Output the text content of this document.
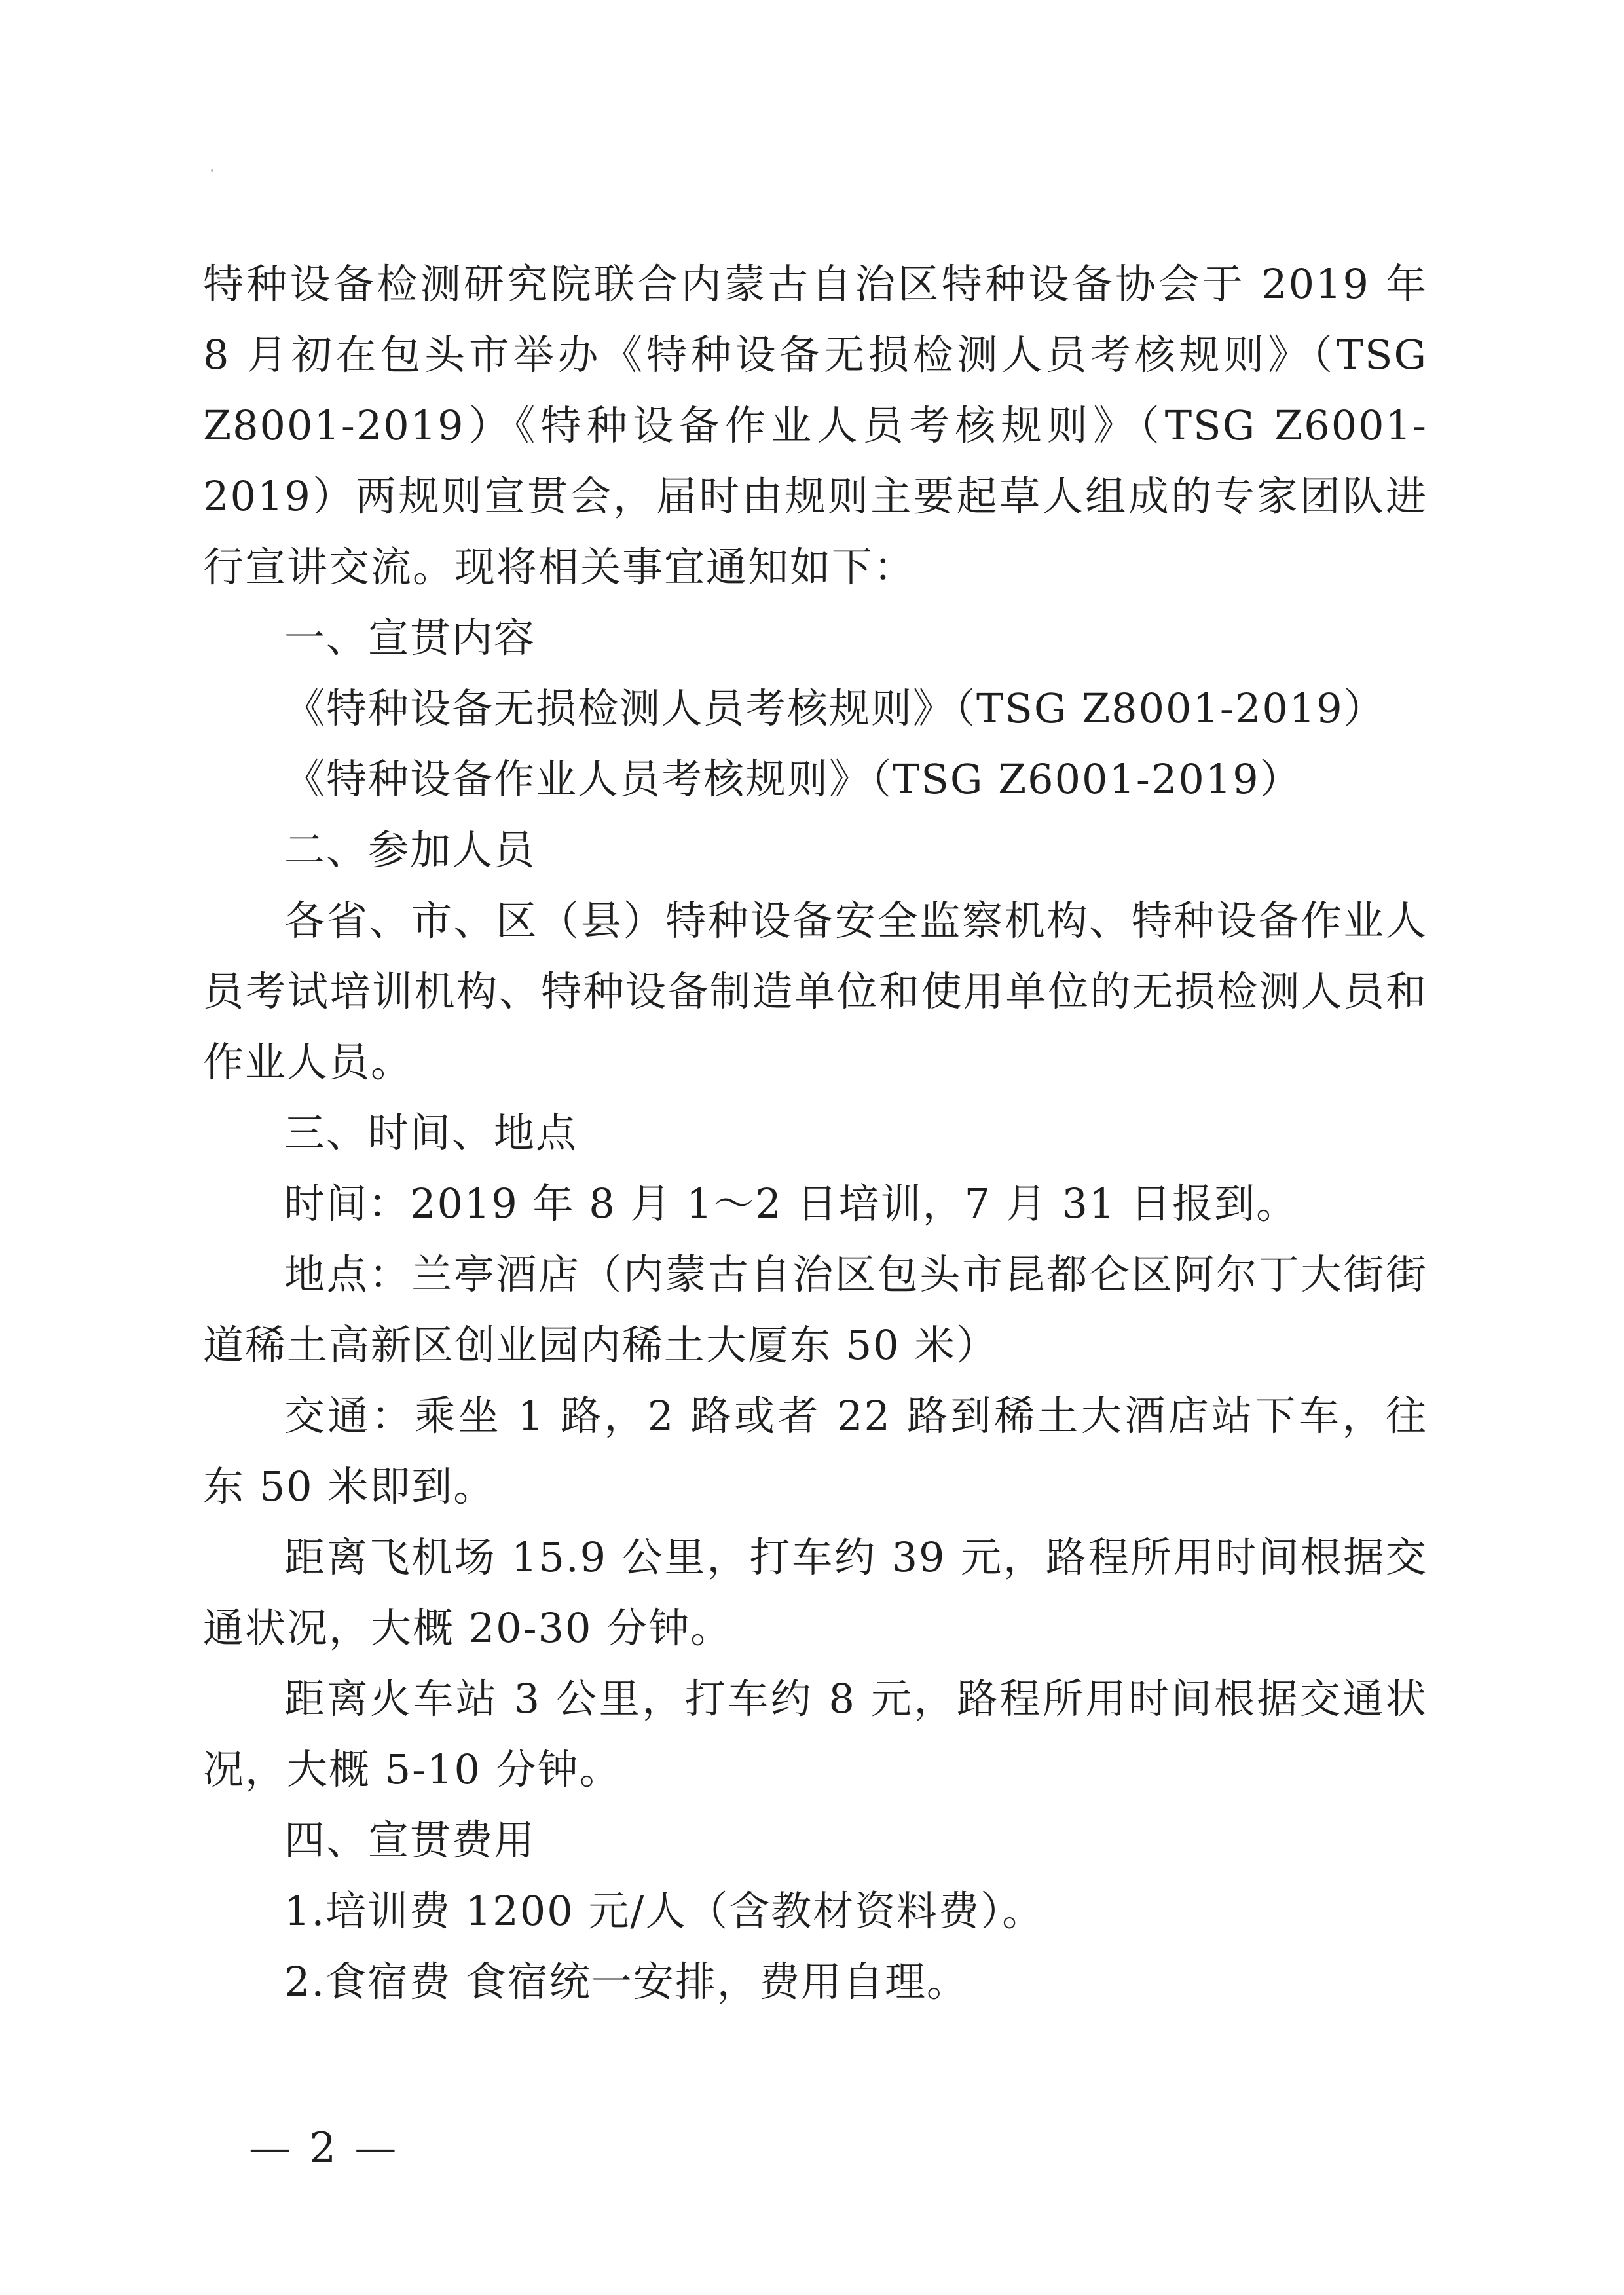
特种设备检测研究院联合内蒙古自治区特种设备协会于 2019 年 8 月初在包头市举办《特种设备无损检测人员考核规则》（TSG Z8001-2019）《特种设备作业人员考核规则》（TSG Z6001-2019）两规则宣贯会，届时由规则主要起草人组成的专家团队进行宣讲交流。现将相关事宜通知如下：

一、宣贯内容

《特种设备无损检测人员考核规则》（TSG Z8001-2019）

《特种设备作业人员考核规则》（TSG Z6001-2019）

二、参加人员

各省、市、区（县）特种设备安全监察机构、特种设备作业人员考试培训机构、特种设备制造单位和使用单位的无损检测人员和作业人员。

三、时间、地点

时间：2019 年 8 月 1～2 日培训，7 月 31 日报到。

地点：兰亭酒店（内蒙古自治区包头市昆都仑区阿尔丁大街街道稀土高新区创业园内稀土大厦东 50 米）

交通：乘坐 1 路，2 路或者 22 路到稀土大酒店站下车，往东 50 米即到。

距离飞机场 15.9 公里，打车约 39 元，路程所用时间根据交通状况，大概 20-30 分钟。

距离火车站 3 公里，打车约 8 元，路程所用时间根据交通状况，大概 5-10 分钟。

四、宣贯费用

1.培训费 1200 元/人（含教材资料费）。

2.食宿费 食宿统一安排，费用自理。

— 2 —
